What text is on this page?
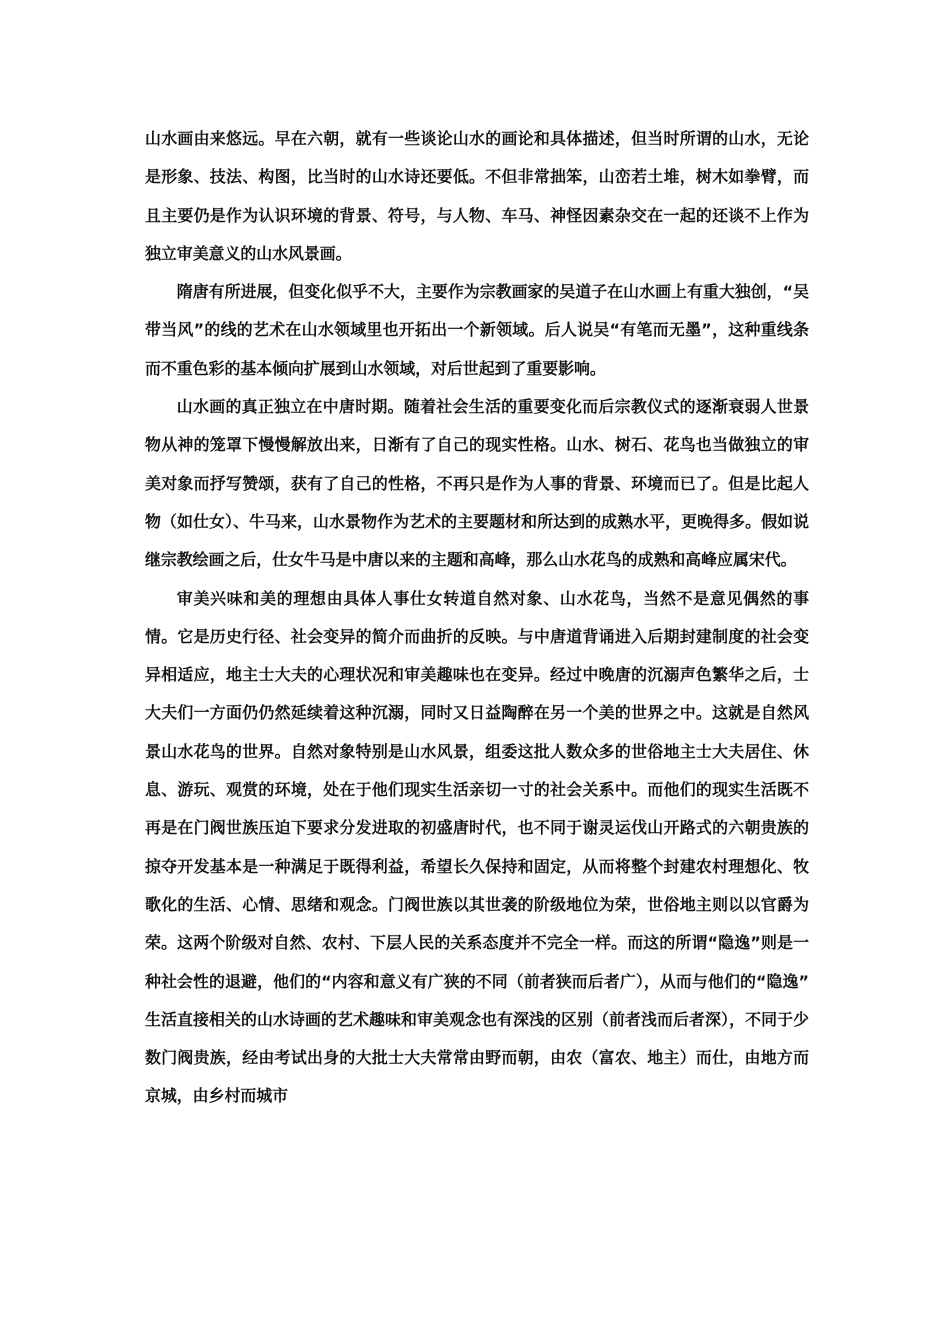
山水画由来悠远。早在六朝，就有一些谈论山水的画论和具体描述，但当时所谓的山水，无论是形象、技法、构图，比当时的山水诗还要低。不但非常拙笨，山峦若土堆，树木如拳臂，而且主要仍是作为认识环境的背景、符号，与人物、车马、神怪因素杂交在一起的还谈不上作为独立审美意义的山水风景画。

隋唐有所进展，但变化似乎不大，主要作为宗教画家的吴道子在山水画上有重大独创，“吴带当风”的线的艺术在山水领域里也开拓出一个新领域。后人说吴“有笔而无墨”，这种重线条而不重色彩的基本倾向扩展到山水领域，对后世起到了重要影响。

山水画的真正独立在中唐时期。随着社会生活的重要变化而后宗教仪式的逐渐衰弱人世景物从神的笼罩下慢慢解放出来，日渐有了自己的现实性格。山水、树石、花鸟也当做独立的审美对象而抒写赞颂，获有了自己的性格，不再只是作为人事的背景、环境而已了。但是比起人物（如仕女）、牛马来，山水景物作为艺术的主要题材和所达到的成熟水平，更晚得多。假如说继宗教绘画之后，仕女牛马是中唐以来的主题和高峰，那么山水花鸟的成熟和高峰应属宋代。

审美兴味和美的理想由具体人事仕女转道自然对象、山水花鸟，当然不是意见偶然的事情。它是历史行径、社会变异的简介而曲折的反映。与中唐道背诵进入后期封建制度的社会变异相适应，地主士大夫的心理状况和审美趣味也在变异。经过中晚唐的沉溺声色繁华之后，士大夫们一方面仍仍然延续着这种沉溺，同时又日益陶醉在另一个美的世界之中。这就是自然风景山水花鸟的世界。自然对象特别是山水风景，组委这批人数众多的世俗地主士大夫居住、休息、游玩、观赏的环境，处在于他们现实生活亲切一寸的社会关系中。而他们的现实生活既不再是在门阀世族压迫下要求分发进取的初盛唐时代，也不同于谢灵运伐山开路式的六朝贵族的掠夺开发基本是一种满足于既得利益，希望长久保持和固定，从而将整个封建农村理想化、牧歌化的生活、心情、思绪和观念。门阀世族以其世袭的阶级地位为荣，世俗地主则以以官爵为荣。这两个阶级对自然、农村、下层人民的关系态度并不完全一样。而这的所谓“隐逸”则是一种社会性的退避，他们的“内容和意义有广狭的不同（前者狭而后者广），从而与他们的“隐逸” 生活直接相关的山水诗画的艺术趣味和审美观念也有深浅的区别（前者浅而后者深），不同于少数门阀贵族，经由考试出身的大批士大夫常常由野而朝，由农（富农、地主）而仕，由地方而京城，由乡村而城市
